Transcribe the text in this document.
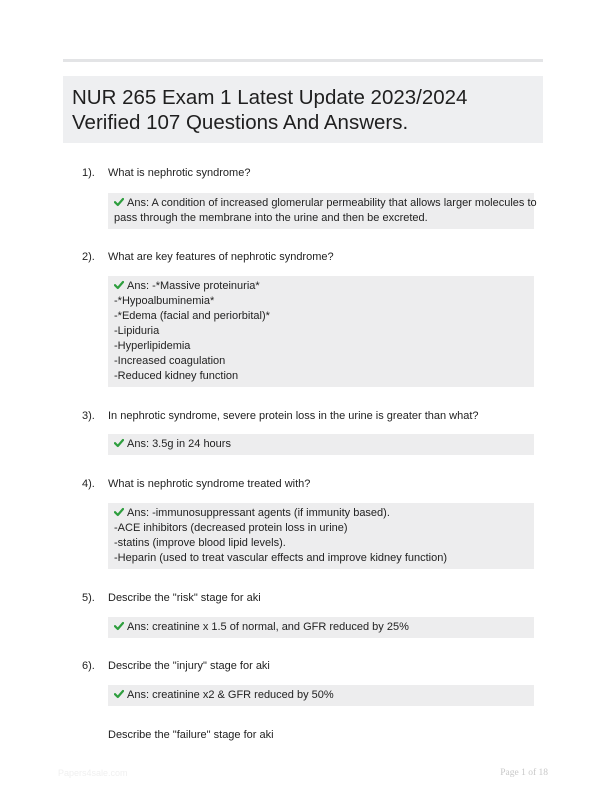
NUR 265 Exam 1 Latest Update 2023/2024
Verified 107 Questions And Answers.
1). What is nephrotic syndrome?
Ans: A condition of increased glomerular permeability that allows larger molecules to
pass through the membrane into the urine and then be excreted.
2). What are key features of nephrotic syndrome?
Ans: -*Massive proteinuria*
-*Hypoalbuminemia*
-*Edema (facial and periorbital)*
-Lipiduria
-Hyperlipidemia
-Increased coagulation
-Reduced kidney function
3). In nephrotic syndrome, severe protein loss in the urine is greater than what?
Ans: 3.5g in 24 hours
4). What is nephrotic syndrome treated with?
Ans: -immunosuppressant agents (if immunity based).
-ACE inhibitors (decreased protein loss in urine)
-statins (improve blood lipid levels).
-Heparin (used to treat vascular effects and improve kidney function)
5). Describe the "risk" stage for aki
Ans: creatinine x 1.5 of normal, and GFR reduced by 25%
6). Describe the "injury" stage for aki
Ans: creatinine x2 & GFR reduced by 50%
Describe the "failure" stage for aki
Papers4sale.com	Page 1 of 18
